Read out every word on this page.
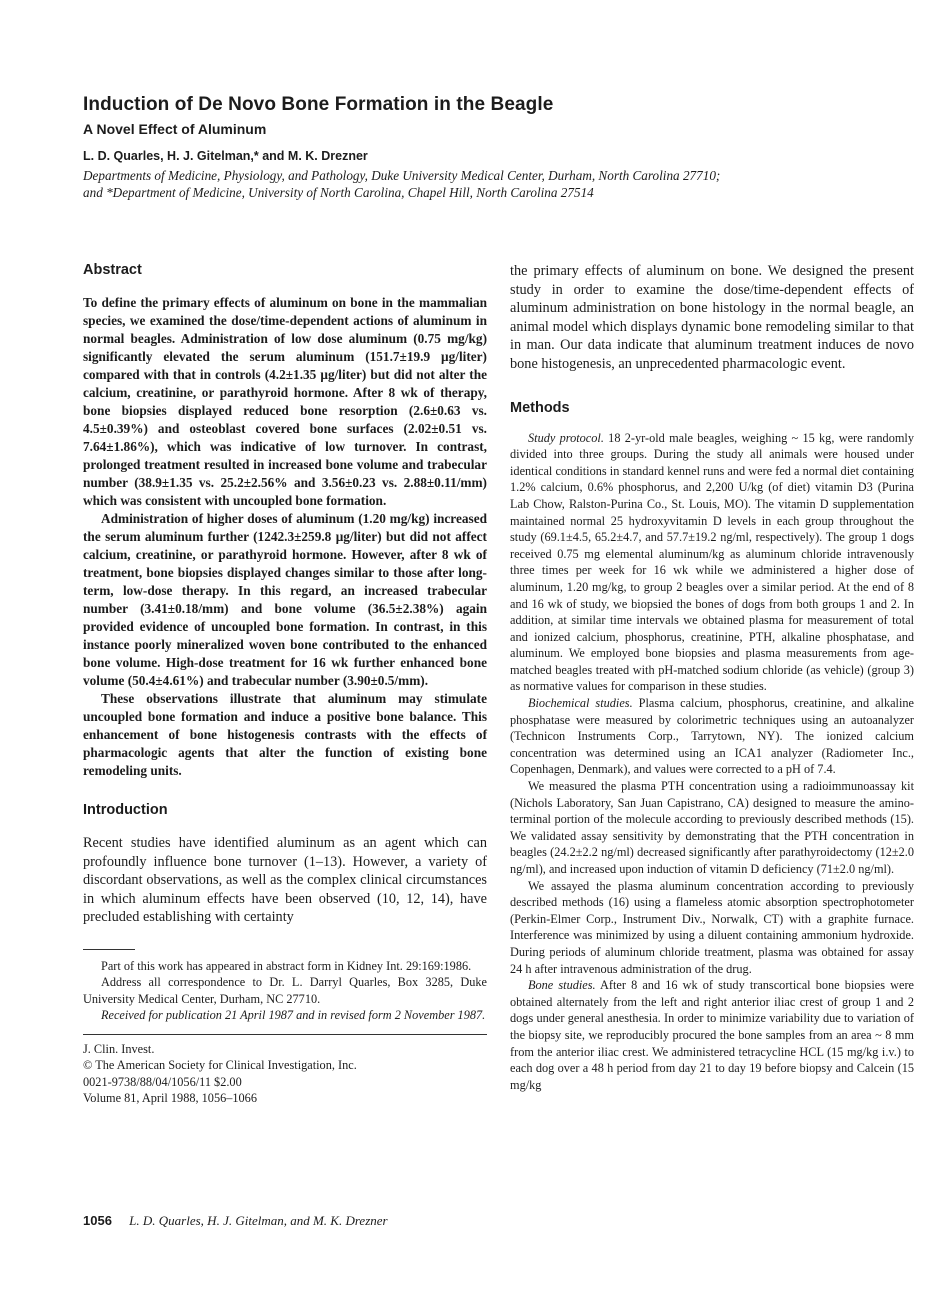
Induction of De Novo Bone Formation in the Beagle
A Novel Effect of Aluminum

L. D. Quarles, H. J. Gitelman,* and M. K. Drezner

Departments of Medicine, Physiology, and Pathology, Duke University Medical Center, Durham, North Carolina 27710;
and *Department of Medicine, University of North Carolina, Chapel Hill, North Carolina 27514
Abstract

To define the primary effects of aluminum on bone in the mammalian species, we examined the dose/time-dependent actions of aluminum in normal beagles. Administration of low dose aluminum (0.75 mg/kg) significantly elevated the serum aluminum (151.7±19.9 μg/liter) compared with that in controls (4.2±1.35 μg/liter) but did not alter the calcium, creatinine, or parathyroid hormone. After 8 wk of therapy, bone biopsies displayed reduced bone resorption (2.6±0.63 vs. 4.5±0.39%) and osteoblast covered bone surfaces (2.02±0.51 vs. 7.64±1.86%), which was indicative of low turnover. In contrast, prolonged treatment resulted in increased bone volume and trabecular number (38.9±1.35 vs. 25.2±2.56% and 3.56±0.23 vs. 2.88±0.11/mm) which was consistent with uncoupled bone formation.

Administration of higher doses of aluminum (1.20 mg/kg) increased the serum aluminum further (1242.3±259.8 μg/liter) but did not affect calcium, creatinine, or parathyroid hormone. However, after 8 wk of treatment, bone biopsies displayed changes similar to those after long-term, low-dose therapy. In this regard, an increased trabecular number (3.41±0.18/mm) and bone volume (36.5±2.38%) again provided evidence of uncoupled bone formation. In contrast, in this instance poorly mineralized woven bone contributed to the enhanced bone volume. High-dose treatment for 16 wk further enhanced bone volume (50.4±4.61%) and trabecular number (3.90±0.5/mm).

These observations illustrate that aluminum may stimulate uncoupled bone formation and induce a positive bone balance. This enhancement of bone histogenesis contrasts with the effects of pharmacologic agents that alter the function of existing bone remodeling units.

Introduction

Recent studies have identified aluminum as an agent which can profoundly influence bone turnover (1–13). However, a variety of discordant observations, as well as the complex clinical circumstances in which aluminum effects have been observed (10, 12, 14), have precluded establishing with certainty

Part of this work has appeared in abstract form in Kidney Int. 29:169:1986.

Address all correspondence to Dr. L. Darryl Quarles, Box 3285, Duke University Medical Center, Durham, NC 27710.

Received for publication 21 April 1987 and in revised form 2 November 1987.

J. Clin. Invest.

© The American Society for Clinical Investigation, Inc.

0021-9738/88/04/1056/11 $2.00

Volume 81, April 1988, 1056–1066

the primary effects of aluminum on bone. We designed the present study in order to examine the dose/time-dependent effects of aluminum administration on bone histology in the normal beagle, an animal model which displays dynamic bone remodeling similar to that in man. Our data indicate that aluminum treatment induces de novo bone histogenesis, an unprecedented pharmacologic event.

Methods

Study protocol. 18 2-yr-old male beagles, weighing ~ 15 kg, were randomly divided into three groups. During the study all animals were housed under identical conditions in standard kennel runs and were fed a normal diet containing 1.2% calcium, 0.6% phosphorus, and 2,200 U/kg (of diet) vitamin D3 (Purina Lab Chow, Ralston-Purina Co., St. Louis, MO). The vitamin D supplementation maintained normal 25 hydroxyvitamin D levels in each group throughout the study (69.1±4.5, 65.2±4.7, and 57.7±19.2 ng/ml, respectively). The group 1 dogs received 0.75 mg elemental aluminum/kg as aluminum chloride intravenously three times per week for 16 wk while we administered a higher dose of aluminum, 1.20 mg/kg, to group 2 beagles over a similar period. At the end of 8 and 16 wk of study, we biopsied the bones of dogs from both groups 1 and 2. In addition, at similar time intervals we obtained plasma for measurement of total and ionized calcium, phosphorus, creatinine, PTH, alkaline phosphatase, and aluminum. We employed bone biopsies and plasma measurements from age-matched beagles treated with pH-matched sodium chloride (as vehicle) (group 3) as normative values for comparison in these studies.

Biochemical studies. Plasma calcium, phosphorus, creatinine, and alkaline phosphatase were measured by colorimetric techniques using an autoanalyzer (Technicon Instruments Corp., Tarrytown, NY). The ionized calcium concentration was determined using an ICA1 analyzer (Radiometer Inc., Copenhagen, Denmark), and values were corrected to a pH of 7.4.

We measured the plasma PTH concentration using a radioimmunoassay kit (Nichols Laboratory, San Juan Capistrano, CA) designed to measure the amino-terminal portion of the molecule according to previously described methods (15). We validated assay sensitivity by demonstrating that the PTH concentration in beagles (24.2±2.2 ng/ml) decreased significantly after parathyroidectomy (12±2.0 ng/ml), and increased upon induction of vitamin D deficiency (71±2.0 ng/ml).

We assayed the plasma aluminum concentration according to previously described methods (16) using a flameless atomic absorption spectrophotometer (Perkin-Elmer Corp., Instrument Div., Norwalk, CT) with a graphite furnace. Interference was minimized by using a diluent containing ammonium hydroxide. During periods of aluminum chloride treatment, plasma was obtained for assay 24 h after intravenous administration of the drug.

Bone studies. After 8 and 16 wk of study transcortical bone biopsies were obtained alternately from the left and right anterior iliac crest of group 1 and 2 dogs under general anesthesia. In order to minimize variability due to variation of the biopsy site, we reproducibly procured the bone samples from an area ~ 8 mm from the anterior iliac crest. We administered tetracycline HCL (15 mg/kg i.v.) to each dog over a 48 h period from day 21 to day 19 before biopsy and Calcein (15 mg/kg

1056 L. D. Quarles, H. J. Gitelman, and M. K. Drezner
